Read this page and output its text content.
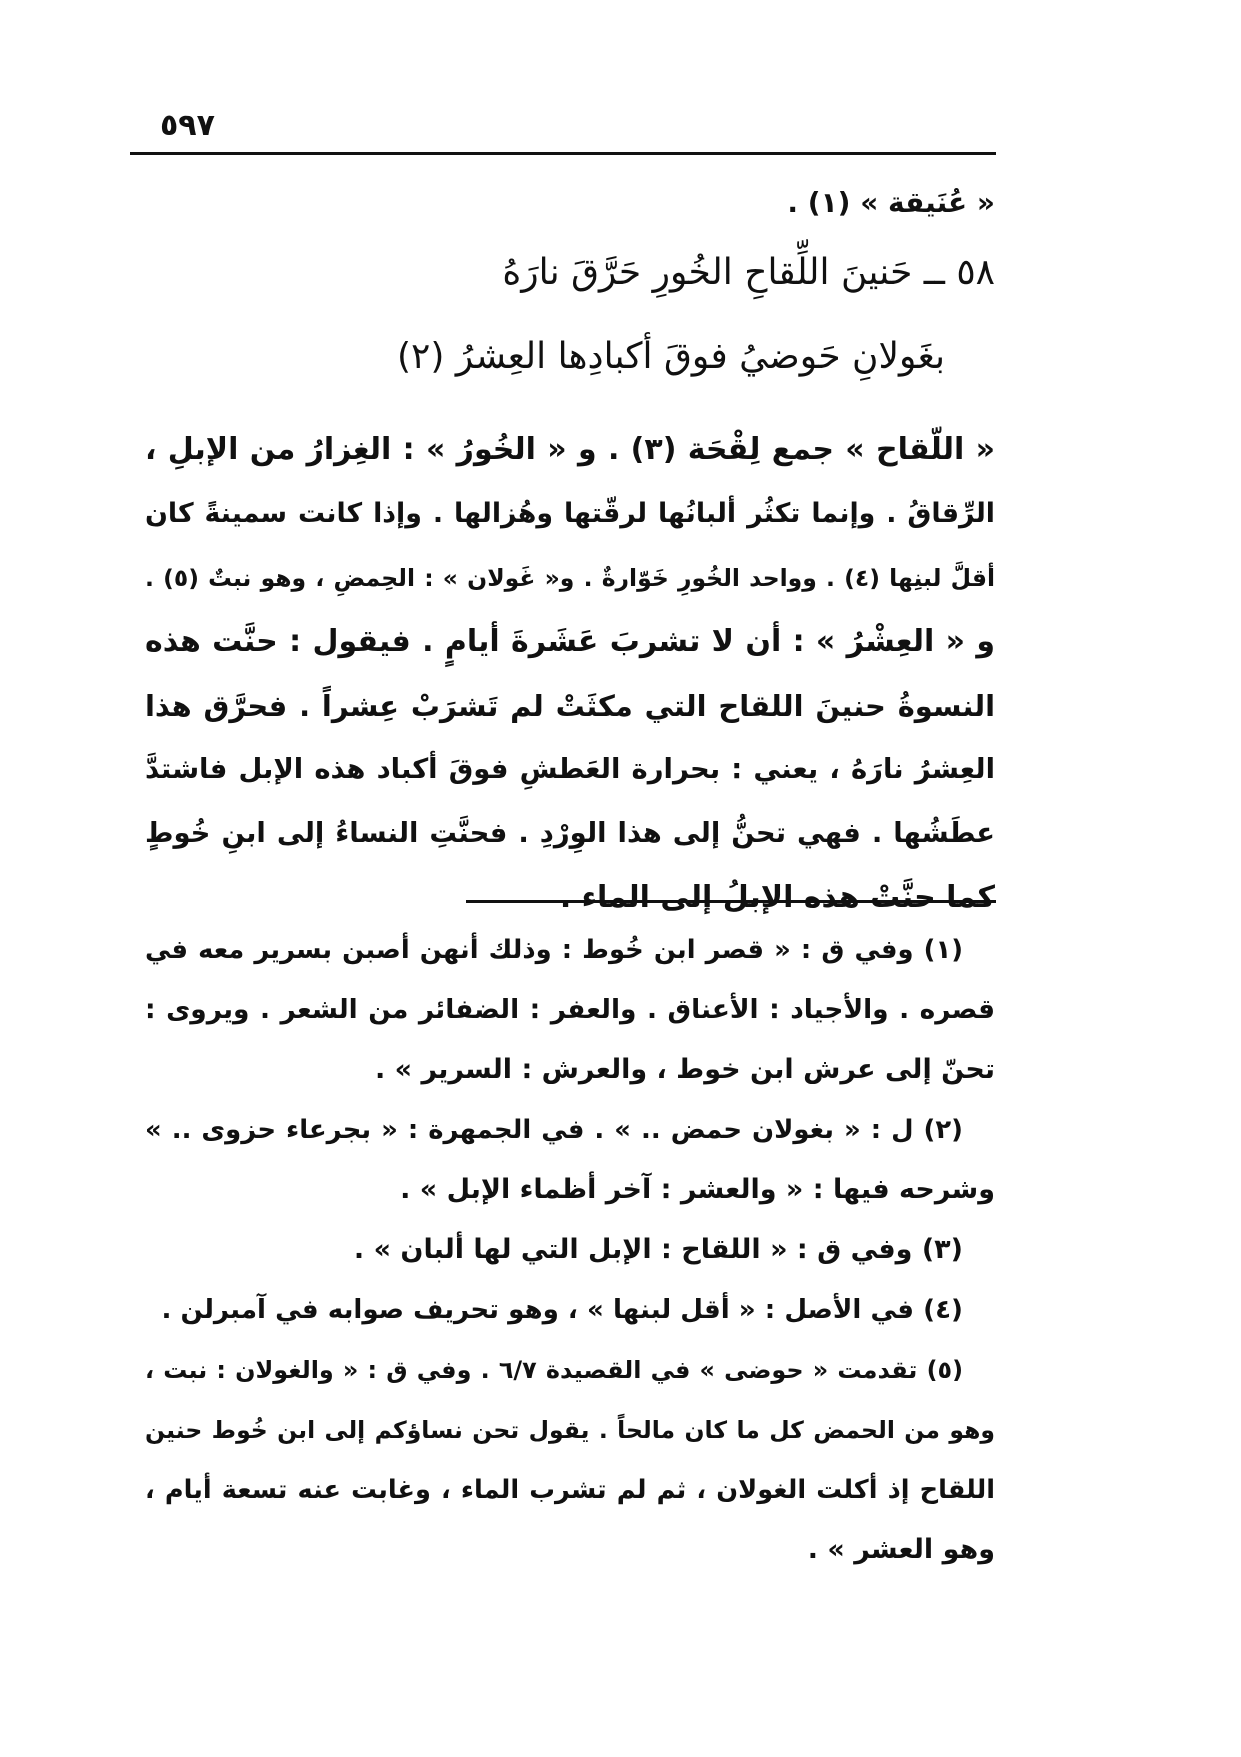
٥٩٧
« عُنَيقة » (١) .
٥٨ ــ حَنينَ اللِّقاحِ الخُورِ حَرَّقَ نارَهُ
بغَولانِ حَوضيُ فوقَ أكبادِها العِشرُ (٢)
« اللّقاح » جمع لِقْحَة (٣) . و « الخُورُ » : الغِزارُ من الإبلِ ،
الرِّقاقُ . وإنما تكثُر ألبانُها لرقّتها وهُزالها . وإذا كانت سمينةً كان
أقلَّ لبنِها (٤) . وواحد الخُورِ خَوّارةٌ . و« غَولان » : الحِمضِ ، وهو نبتٌ (٥) .
و « العِشْرُ » : أن لا تشربَ عَشَرةَ أيامٍ . فيقول : حنَّت هذه
النسوةُ حنينَ اللقاح التي مكثَتْ لم تَشرَبْ عِشراً . فحرَّق هذا
العِشرُ نارَهُ ، يعني : بحرارة العَطشِ فوقَ أكباد هذه الإبل فاشتدَّ
عطَشُها . فهي تحنُّ إلى هذا الوِرْدِ . فحنَّتِ النساءُ إلى ابنِ خُوطٍ
كما حنَّتْ هذه الإبلُ إلى الماء .
(١) وفي ق : « قصر ابن خُوط : وذلك أنهن أصبن بسرير معه في
قصره . والأجياد : الأعناق . والعفر : الضفائر من الشعر . ويروى :
تحنّ إلى عرش ابن خوط ، والعرش : السرير » .
(٢) ل : « بغولان حمض .. » . في الجمهرة : « بجرعاء حزوى .. »
وشرحه فيها : « والعشر : آخر أظماء الإبل » .
(٣) وفي ق : « اللقاح : الإبل التي لها ألبان » .
(٤) في الأصل : « أقل لبنها » ، وهو تحريف صوابه في آمبرلن .
(٥) تقدمت « حوضى » في القصيدة ٦/٧ . وفي ق : « والغولان : نبت ،
وهو من الحمض كل ما كان مالحاً . يقول تحن نساؤكم إلى ابن خُوط حنين
اللقاح إذ أكلت الغولان ، ثم لم تشرب الماء ، وغابت عنه تسعة أيام ،
وهو العشر » .
